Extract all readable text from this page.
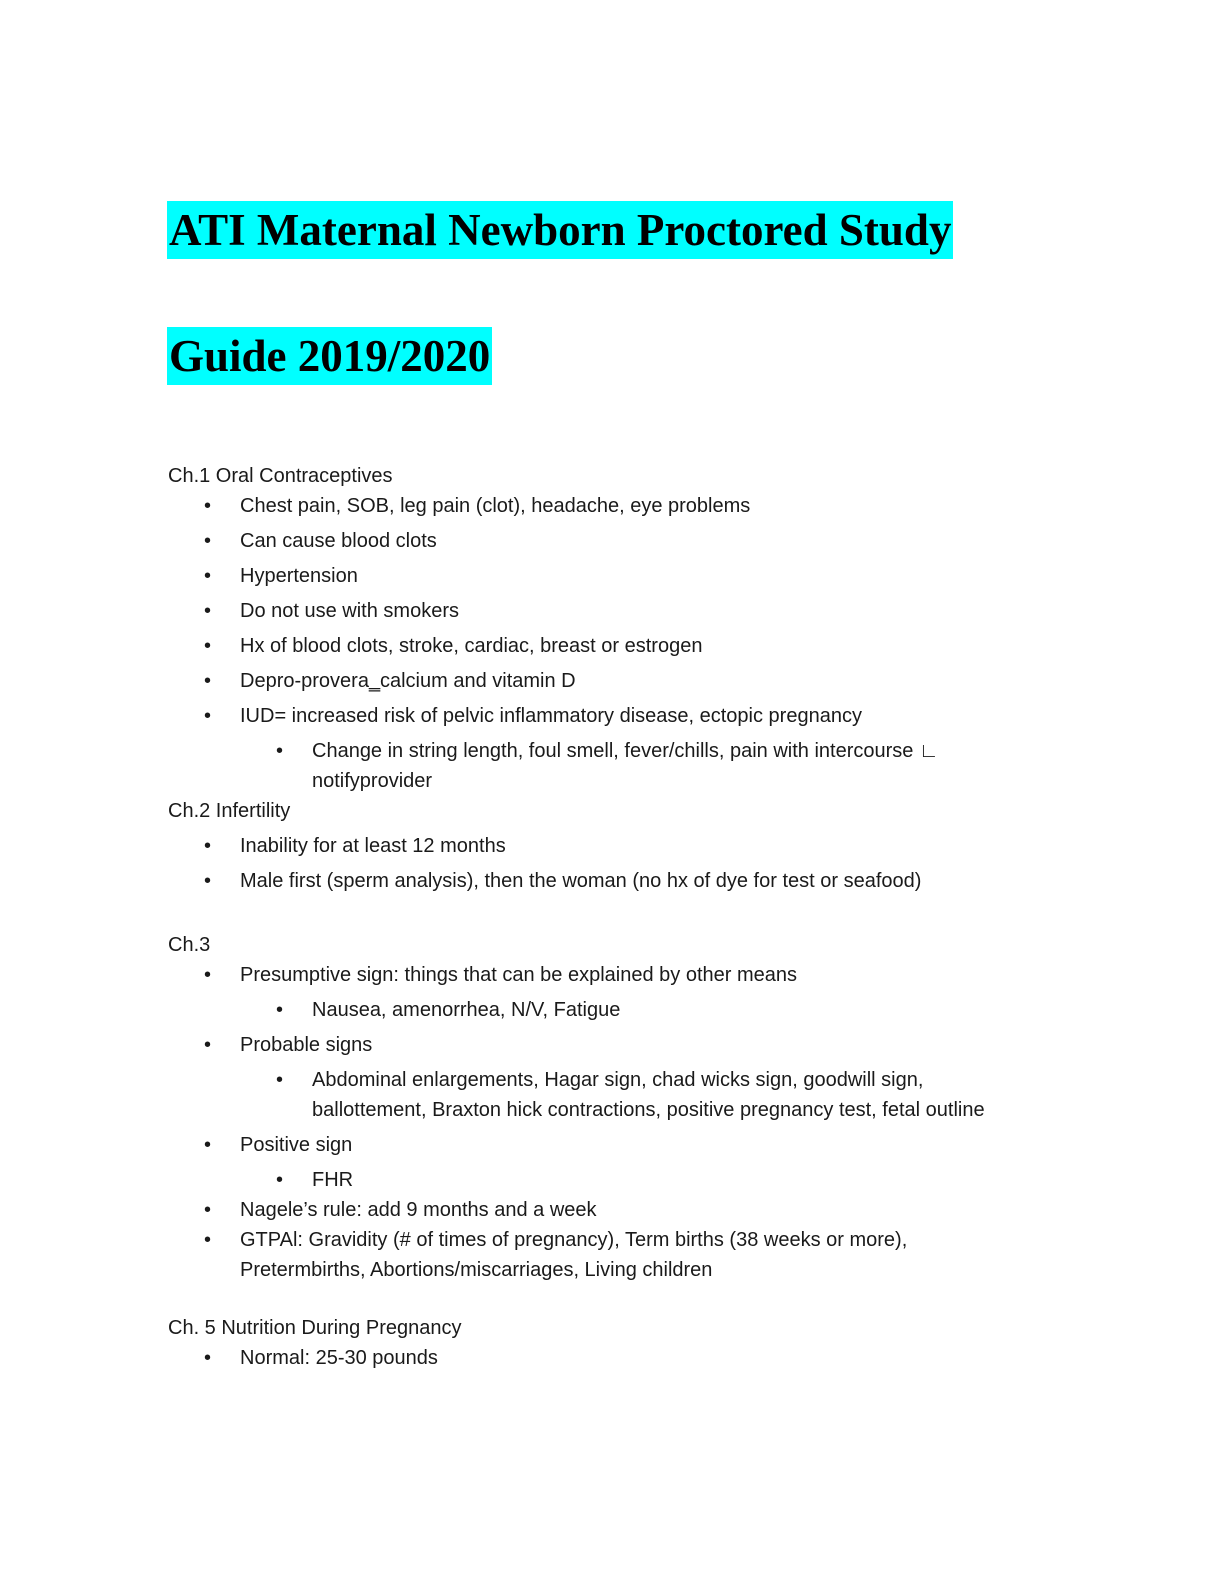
ATI Maternal Newborn Proctored Study
Guide 2019/2020

Ch.1 Oral Contraceptives

• Chest pain, SOB, leg pain (clot), headache, eye problems
• Can cause blood clots
• Hypertension
• Do not use with smokers
• Hx of blood clots, stroke, cardiac, breast or estrogen
• Depro-provera‗calcium and vitamin D
• IUD= increased risk of pelvic inflammatory disease, ectopic pregnancy
• Change in string length, foul smell, fever/chills, pain with intercourse ∟ notifyprovider

Ch.2 Infertility

• Inability for at least 12 months
• Male first (sperm analysis), then the woman (no hx of dye for test or seafood)

Ch.3

• Presumptive sign: things that can be explained by other means
• Nausea, amenorrhea, N/V, Fatigue
• Probable signs
• Abdominal enlargements, Hagar sign, chad wicks sign, goodwill sign, ballottement, Braxton hick contractions, positive pregnancy test, fetal outline
• Positive sign
• FHR
• Nagele’s rule: add 9 months and a week
• GTPAl: Gravidity (# of times of pregnancy), Term births (38 weeks or more), Pretermbirths, Abortions/miscarriages, Living children

Ch. 5 Nutrition During Pregnancy

• Normal: 25-30 pounds
